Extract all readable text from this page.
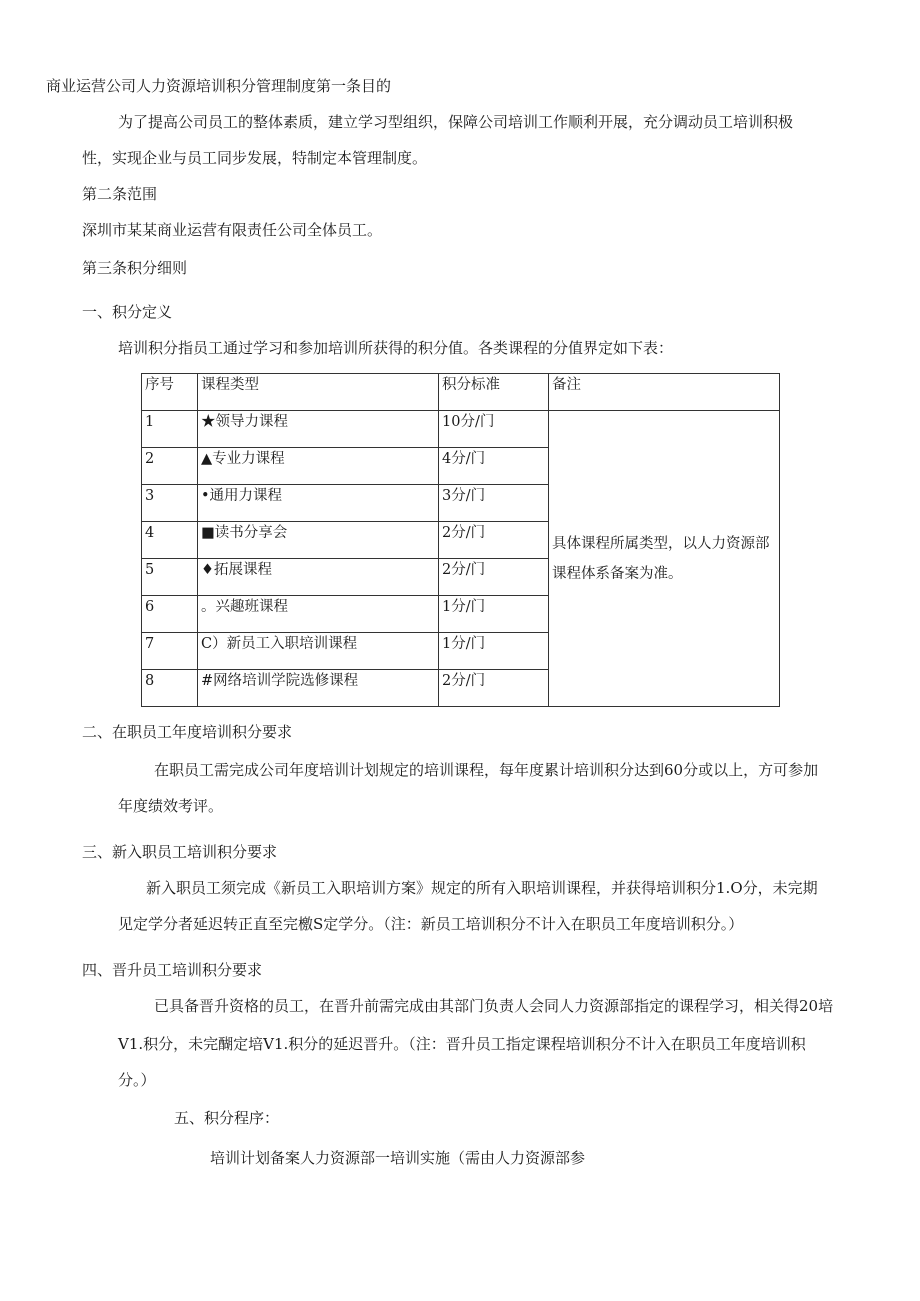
商业运营公司人力资源培训积分管理制度第一条目的
为了提高公司员工的整体素质，建立学习型组织，保障公司培训工作顺利开展，充分调动员工培训积极
性，实现企业与员工同步发展，特制定本管理制度。
第二条范围
深圳市某某商业运营有限责任公司全体员工。
第三条积分细则
一、积分定义
培训积分指员工通过学习和参加培训所获得的积分值。各类课程的分值界定如下表：
序号	课程类型	积分标准	备注
1	★领导力课程	10分/门	具体课程所属类型，以人力资源部课程体系备案为准。
2	▲专业力课程	4分/门	
3	•通用力课程	3分/门	
4	■读书分享会	2分/门	
5	♦拓展课程	2分/门	
6	。兴趣班课程	1分/门	
7	C）新员工入职培训课程	1分/门	
8	#网络培训学院选修课程	2分/门	
二、在职员工年度培训积分要求
在职员工需完成公司年度培训计划规定的培训课程，每年度累计培训积分达到60分或以上，方可参加
年度绩效考评。
三、新入职员工培训积分要求
新入职员工须完成《新员工入职培训方案》规定的所有入职培训课程，并获得培训积分1.O分，未完期
见定学分者延迟转正直至完檄S定学分。（注：新员工培训积分不计入在职员工年度培训积分。）
四、晋升员工培训积分要求
已具备晋升资格的员工，在晋升前需完成由其部门负责人会同人力资源部指定的课程学习，相关得20培
V1.积分，未完醐定培V1.积分的延迟晋升。（注：晋升员工指定课程培训积分不计入在职员工年度培训积
分。）
五、积分程序：
培训计划备案人力资源部一培训实施（需由人力资源部参
